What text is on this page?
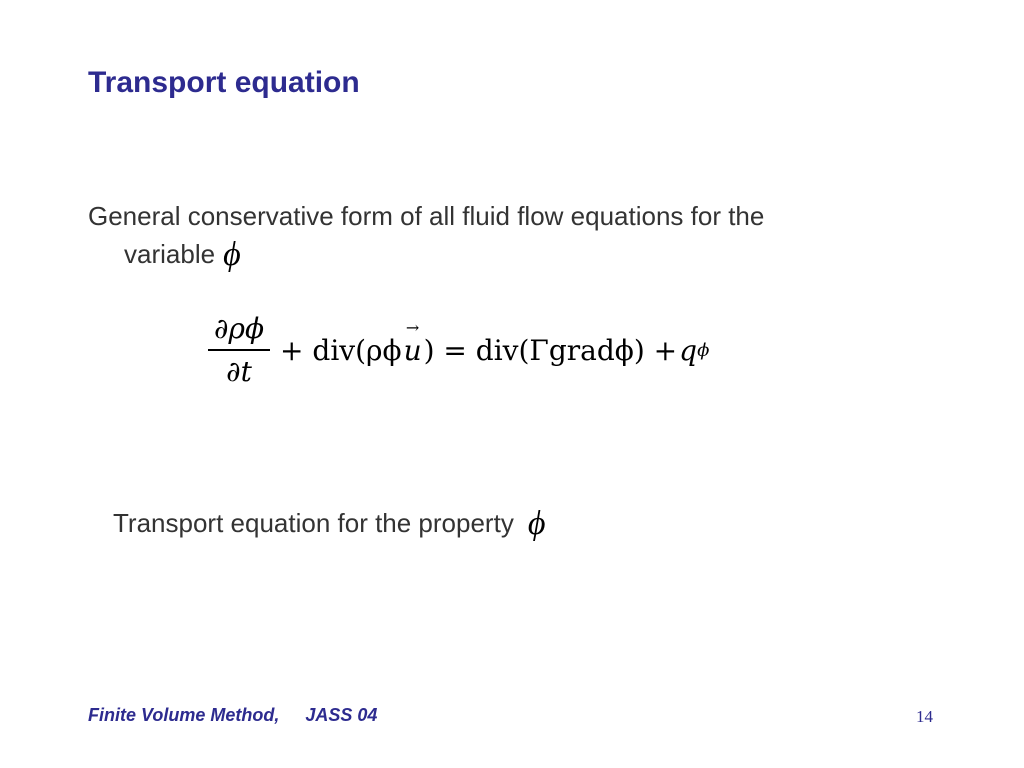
Transport equation
General conservative form of all fluid flow equations for the
variable ϕ
$\frac{\partial\rho\phi}{\partial t} + div(\rho\phi$
→ u ) = div(Γgradϕ) + q ϕ
Transport equation for the property ϕ
Finite Volume Method, JASS 04	14
